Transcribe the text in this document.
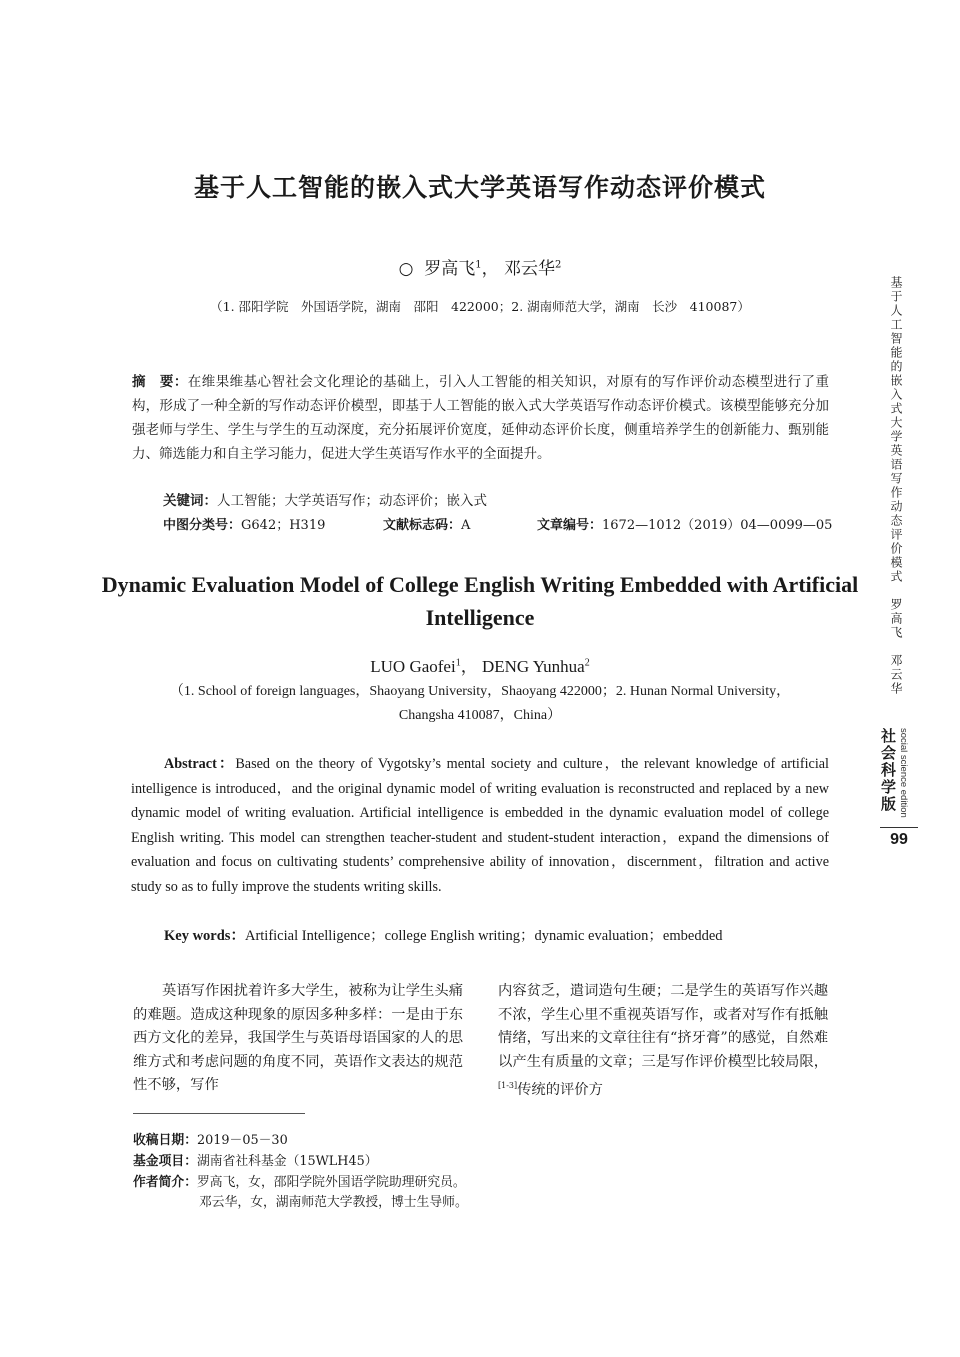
基于人工智能的嵌入式大学英语写作动态评价模式
○ 罗高飞$^1$， 邓云华$^2$
（1. 邵阳学院　外国语学院，湖南　邵阳　422000；2. 湖南师范大学，湖南　长沙　410087）
摘　要：在维果维基心智社会文化理论的基础上，引入人工智能的相关知识，对原有的写作评价动态模型进行了重构，形成了一种全新的写作动态评价模型，即基于人工智能的嵌入式大学英语写作动态评价模式。该模型能够充分加强老师与学生、学生与学生的互动深度，充分拓展评价宽度，延伸动态评价长度，侧重培养学生的创新能力、甄别能力、筛选能力和自主学习能力，促进大学生英语写作水平的全面提升。
关键词：人工智能；大学英语写作；动态评价；嵌入式
中图分类号：G642；H319	文献标志码：A	文章编号：1672—1012（2019）04—0099—05
Dynamic Evaluation Model of College English Writing Embedded with Artificial Intelligence
LUO Gaofei$^1$， DENG Yunhua$^2$
（1. School of foreign languages，Shaoyang University，Shaoyang 422000；2. Hunan Normal University，Changsha 410087，China）
Abstract：Based on the theory of Vygotsky’s mental society and culture，the relevant knowledge of artificial intelligence is introduced，and the original dynamic model of writing evaluation is reconstructed and replaced by a new dynamic model of writing evaluation. Artificial intelligence is embedded in the dynamic evaluation model of college English writing. This model can strengthen teacher-student and student-student interaction，expand the dimensions of evaluation and focus on cultivating students’ comprehensive ability of innovation，discernment，filtration and active study so as to fully improve the students writing skills.
Key words：Artificial Intelligence；college English writing；dynamic evaluation；embedded
英语写作困扰着许多大学生，被称为让学生头痛的难题。造成这种现象的原因多种多样：一是由于东西方文化的差异，我国学生与英语母语国家的人的思维方式和考虑问题的角度不同，英语作文表达的规范性不够，写作
内容贫乏，遣词造句生硬；二是学生的英语写作兴趣不浓，学生心里不重视英语写作，或者对写作有抵触情绪，写出来的文章往往有“挤牙膏”的感觉，自然难以产生有质量的文章；三是写作评价模型比较局限，[1-3]传统的评价方
收稿日期：2019－05－30
基金项目：湖南省社科基金（15WLH45）
作者简介：罗高飞，女，邵阳学院外国语学院助理研究员。
邓云华，女，湖南师范大学教授，博士生导师。
基于人工智能的嵌入式大学英语写作动态评价模式　罗高飞　邓云华
社会科学版 social science edition
99
